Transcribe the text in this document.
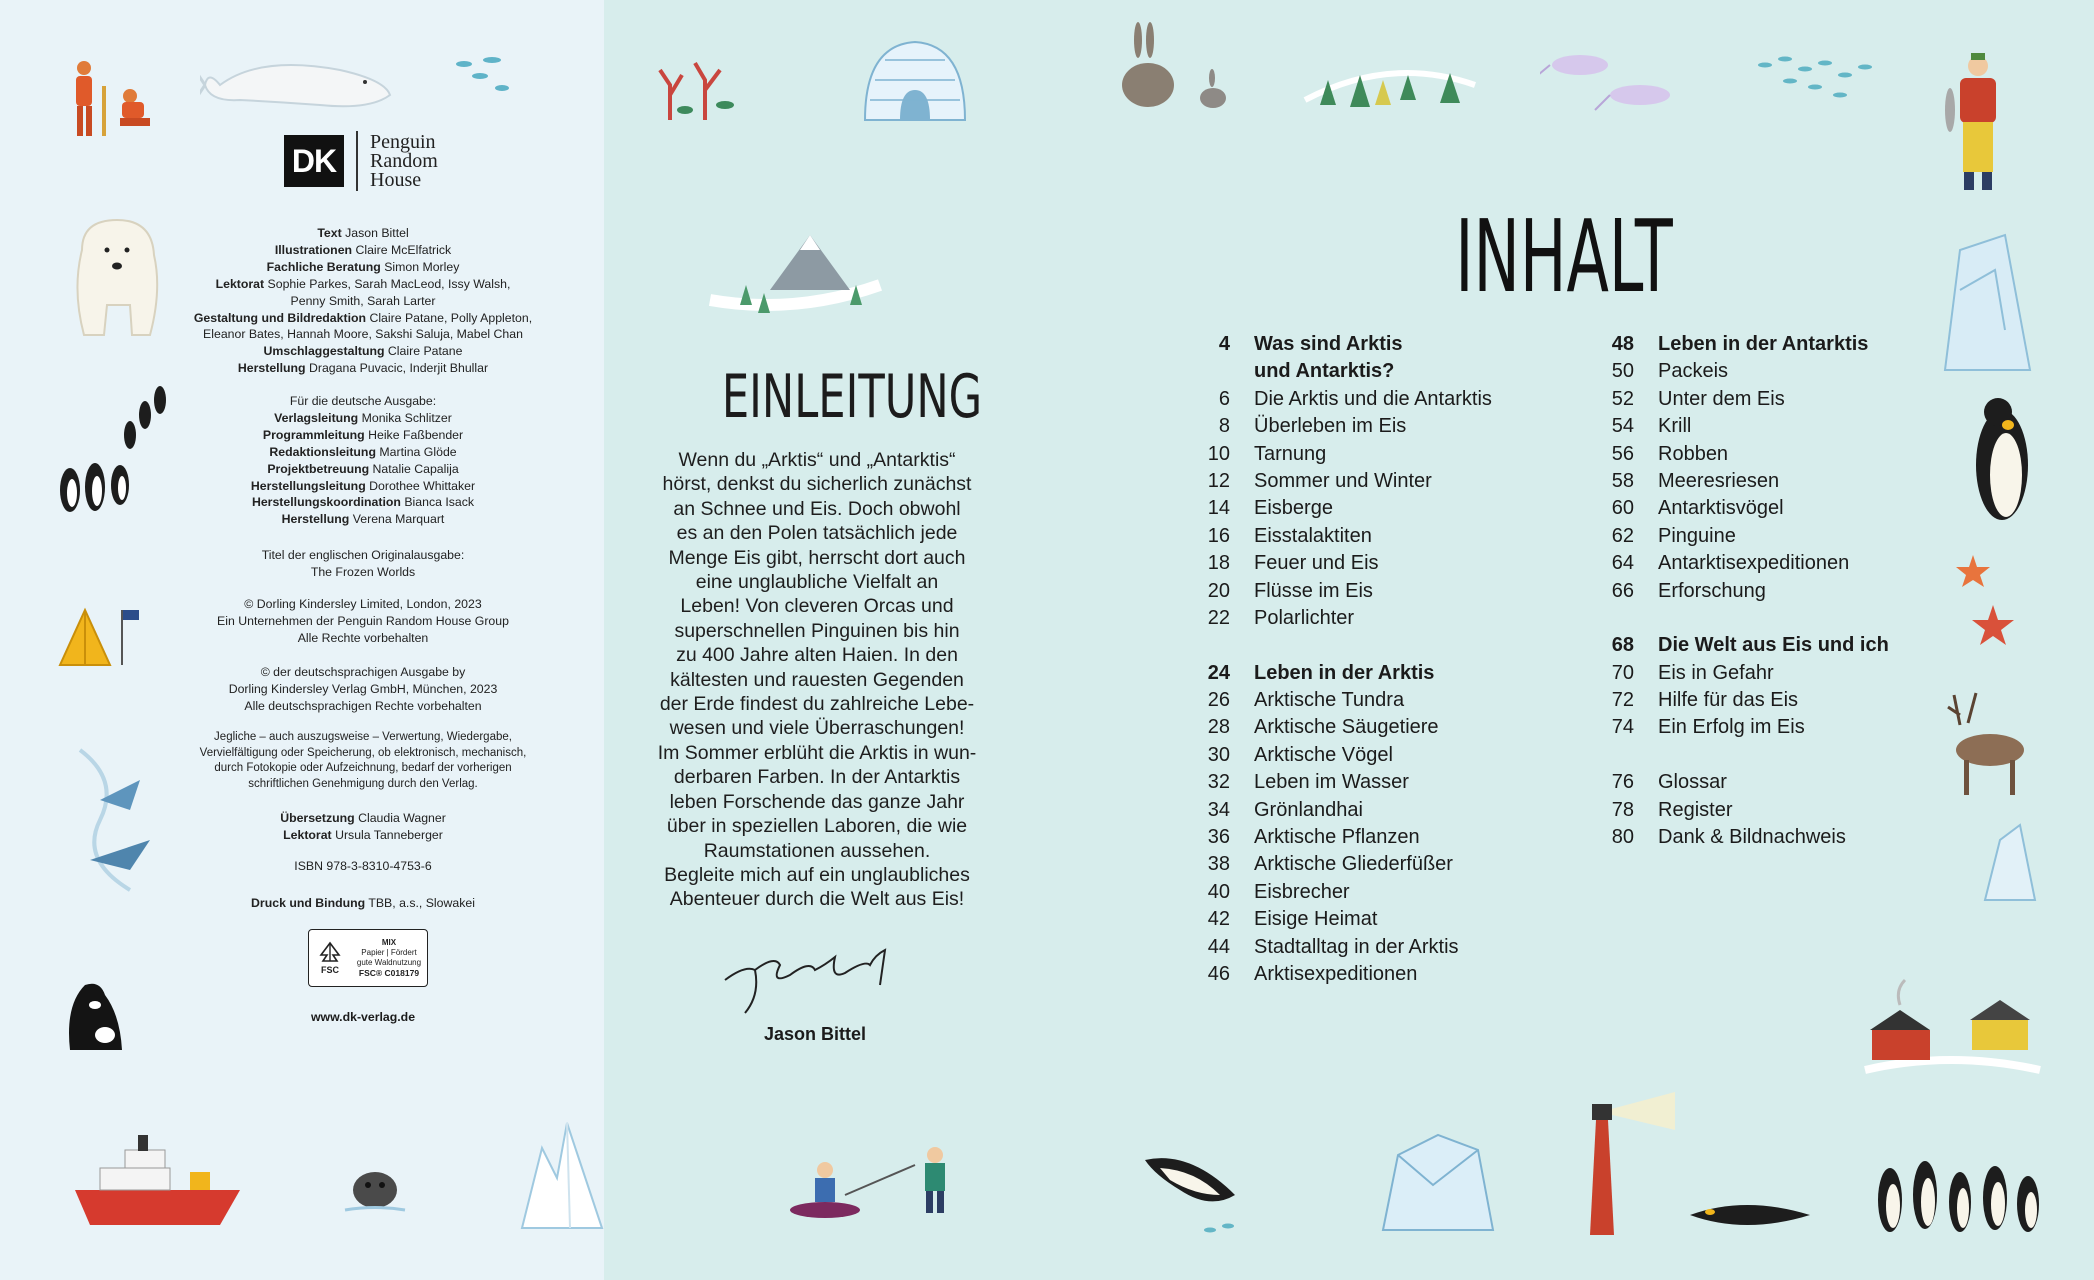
DK
Penguin
Random
House
Text Jason Bittel
Illustrationen Claire McElfatrick
Fachliche Beratung Simon Morley
Lektorat Sophie Parkes, Sarah MacLeod, Issy Walsh,
Penny Smith, Sarah Larter
Gestaltung und Bildredaktion Claire Patane, Polly Appleton,
Eleanor Bates, Hannah Moore, Sakshi Saluja, Mabel Chan
Umschlaggestaltung Claire Patane
Herstellung Dragana Puvacic, Inderjit Bhullar
Für die deutsche Ausgabe:
Verlagsleitung Monika Schlitzer
Programmleitung Heike Faßbender
Redaktionsleitung Martina Glöde
Projektbetreuung Natalie Capalija
Herstellungsleitung Dorothee Whittaker
Herstellungskoordination Bianca Isack
Herstellung Verena Marquart
Titel der englischen Originalausgabe:
The Frozen Worlds
© Dorling Kindersley Limited, London, 2023
Ein Unternehmen der Penguin Random House Group
Alle Rechte vorbehalten
© der deutschsprachigen Ausgabe by
Dorling Kindersley Verlag GmbH, München, 2023
Alle deutschsprachigen Rechte vorbehalten
Jegliche – auch auszugsweise – Verwertung, Wiedergabe,
Vervielfältigung oder Speicherung, ob elektronisch, mechanisch,
durch Fotokopie oder Aufzeichnung, bedarf der vorherigen
schriftlichen Genehmigung durch den Verlag.
Übersetzung Claudia Wagner
Lektorat Ursula Tanneberger
ISBN 978-3-8310-4753-6
Druck und Bindung TBB, a.s., Slowakei
FSC
MIX
Papier | Fördert
gute Waldnutzung
FSC® C018179
www.dk-verlag.de
EINLEITUNG
Wenn du „Arktis“ und „Antarktis“
hörst, denkst du sicherlich zunächst
an Schnee und Eis. Doch obwohl
es an den Polen tatsächlich jede
Menge Eis gibt, herrscht dort auch
eine unglaubliche Vielfalt an
Leben! Von cleveren Orcas und
superschnellen Pinguinen bis hin
zu 400 Jahre alten Haien. In den
kältesten und rauesten Gegenden
der Erde findest du zahlreiche Lebe-
wesen und viele Überraschungen!
Im Sommer erblüht die Arktis in wun-
derbaren Farben. In der Antarktis
leben Forschende das ganze Jahr
über in speziellen Laboren, die wie
Raumstationen aussehen.
Begleite mich auf ein unglaubliches
Abenteuer durch die Welt aus Eis!
Jason Bittel
INHALT
4 Was sind Arktis
und Antarktis?
6 Die Arktis und die Antarktis
8 Überleben im Eis
10 Tarnung
12 Sommer und Winter
14 Eisberge
16 Eisstalaktiten
18 Feuer und Eis
20 Flüsse im Eis
22 Polarlichter
24 Leben in der Arktis
26 Arktische Tundra
28 Arktische Säugetiere
30 Arktische Vögel
32 Leben im Wasser
34 Grönlandhai
36 Arktische Pflanzen
38 Arktische Gliederfüßer
40 Eisbrecher
42 Eisige Heimat
44 Stadtalltag in der Arktis
46 Arktisexpeditionen
48 Leben in der Antarktis
50 Packeis
52 Unter dem Eis
54 Krill
56 Robben
58 Meeresriesen
60 Antarktisvögel
62 Pinguine
64 Antarktisexpeditionen
66 Erforschung
68 Die Welt aus Eis und ich
70 Eis in Gefahr
72 Hilfe für das Eis
74 Ein Erfolg im Eis
76 Glossar
78 Register
80 Dank & Bildnachweis
